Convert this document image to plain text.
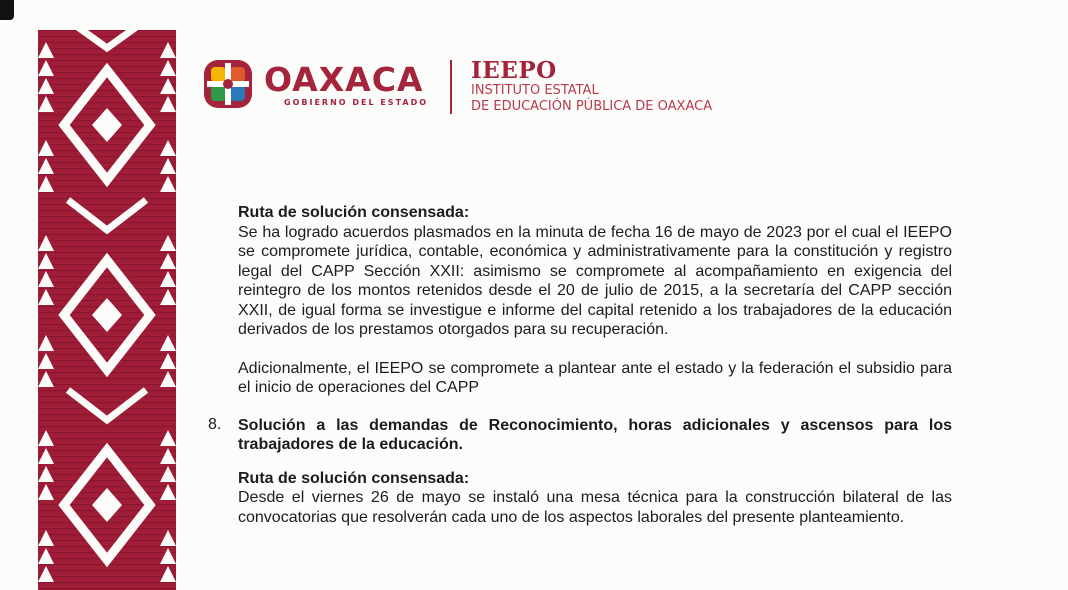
OAXACA
GOBIERNO DEL ESTADO
IEEPO
INSTITUTO ESTATAL
DE EDUCACIÓN PÚBLICA DE OAXACA

Ruta de solución consensada:

Se ha logrado acuerdos plasmados en la minuta de fecha 16 de mayo de 2023 por el cual el IEEPO se compromete jurídica, contable, económica y administrativamente para la constitución y registro legal del CAPP Sección XXII: asimismo se compromete al acompañamiento en exigencia del reintegro de los montos retenidos desde el 20 de julio de 2015, a la secretaría del CAPP sección XXII, de igual forma se investigue e informe del capital retenido a los trabajadores de la educación derivados de los prestamos otorgados para su recuperación.

Adicionalmente, el IEEPO se compromete a plantear ante el estado y la federación el subsidio para el inicio de operaciones del CAPP

8. Solución a las demandas de Reconocimiento, horas adicionales y ascensos para los trabajadores de la educación.

Ruta de solución consensada:

Desde el viernes 26 de mayo se instaló una mesa técnica para la construcción bilateral de las convocatorias que resolverán cada uno de los aspectos laborales del presente planteamiento.
